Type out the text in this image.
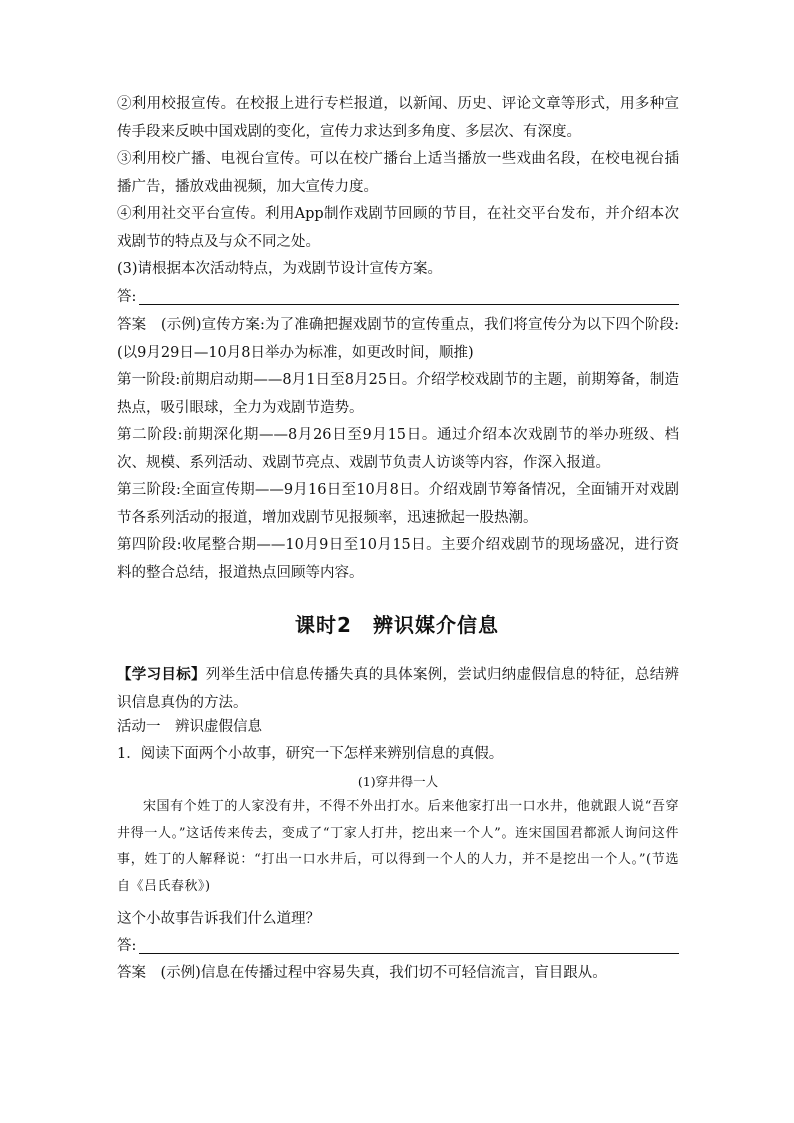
②利用校报宣传。在校报上进行专栏报道，以新闻、历史、评论文章等形式，用多种宣传手段来反映中国戏剧的变化，宣传力求达到多角度、多层次、有深度。

③利用校广播、电视台宣传。可以在校广播台上适当播放一些戏曲名段，在校电视台插播广告，播放戏曲视频，加大宣传力度。

④利用社交平台宣传。利用App制作戏剧节回顾的节目，在社交平台发布，并介绍本次戏剧节的特点及与众不同之处。

(3)请根据本次活动特点，为戏剧节设计宣传方案。

答:

答案　(示例)宣传方案:为了准确把握戏剧节的宣传重点，我们将宣传分为以下四个阶段:(以9月29日—10月8日举办为标准，如更改时间，顺推)

第一阶段:前期启动期——8月1日至8月25日。介绍学校戏剧节的主题，前期筹备，制造热点，吸引眼球，全力为戏剧节造势。

第二阶段:前期深化期——8月26日至9月15日。通过介绍本次戏剧节的举办班级、档次、规模、系列活动、戏剧节亮点、戏剧节负责人访谈等内容，作深入报道。

第三阶段:全面宣传期——9月16日至10月8日。介绍戏剧节筹备情况，全面铺开对戏剧节各系列活动的报道，增加戏剧节见报频率，迅速掀起一股热潮。

第四阶段:收尾整合期——10月9日至10月15日。主要介绍戏剧节的现场盛况，进行资料的整合总结，报道热点回顾等内容。

课时2　辨识媒介信息

【学习目标】列举生活中信息传播失真的具体案例，尝试归纳虚假信息的特征，总结辨识信息真伪的方法。

活动一　辨识虚假信息

1．阅读下面两个小故事，研究一下怎样来辨别信息的真假。

(1)穿井得一人

宋国有个姓丁的人家没有井，不得不外出打水。后来他家打出一口水井，他就跟人说“吾穿井得一人。”这话传来传去，变成了“丁家人打井，挖出来一个人”。连宋国国君都派人询问这件事，姓丁的人解释说：“打出一口水井后，可以得到一个人的人力，并不是挖出一个人。”(节选自《吕氏春秋》)

这个小故事告诉我们什么道理？

答:

答案　(示例)信息在传播过程中容易失真，我们切不可轻信流言，盲目跟从。
